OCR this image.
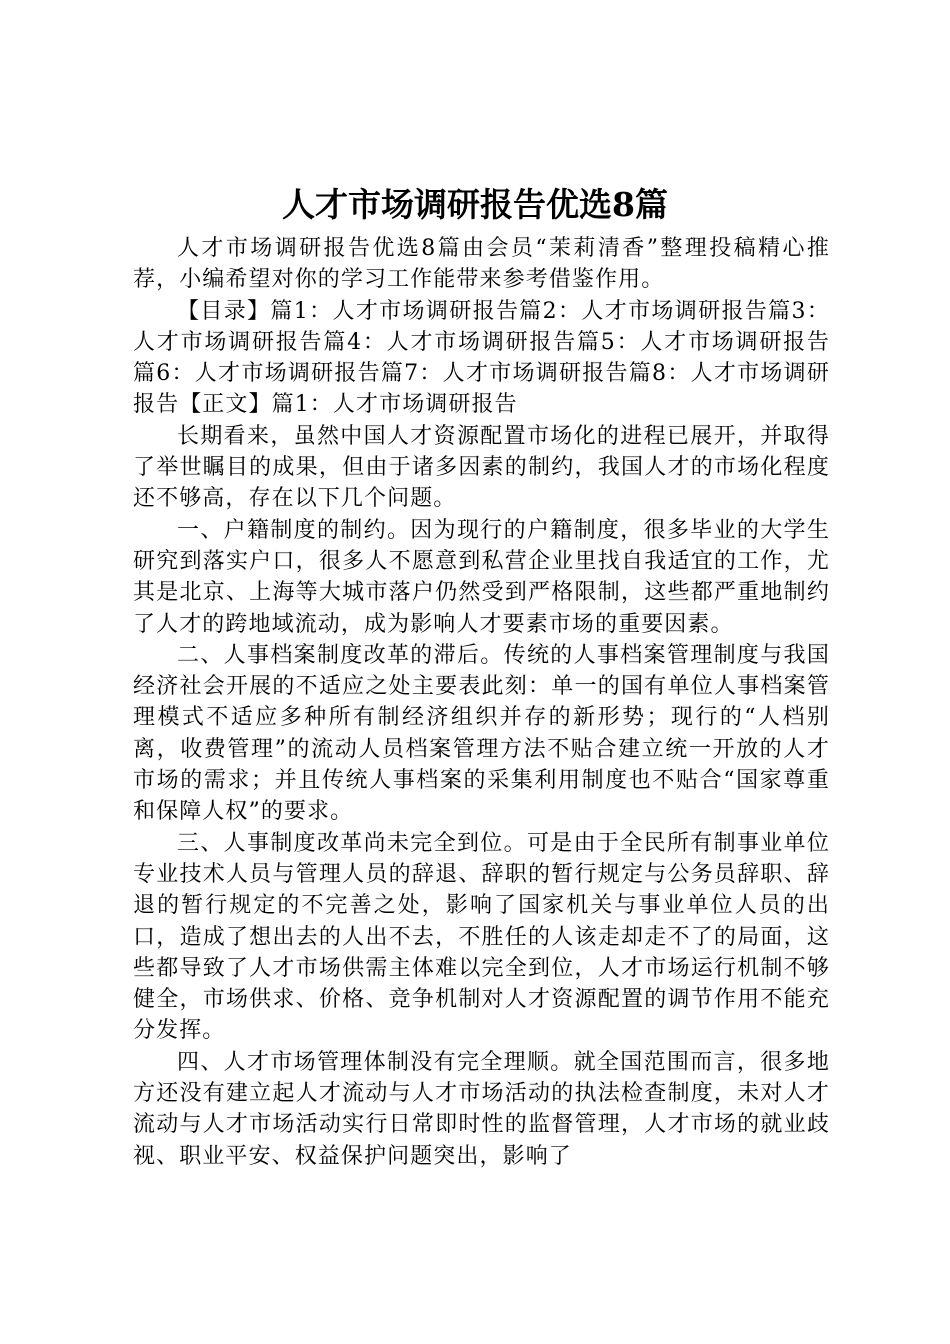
人才市场调研报告优选8篇

人才市场调研报告优选8篇由会员“茉莉清香”整理投稿精心推荐，小编希望对你的学习工作能带来参考借鉴作用。

【目录】篇1：人才市场调研报告篇2：人才市场调研报告篇3：人才市场调研报告篇4：人才市场调研报告篇5：人才市场调研报告篇6：人才市场调研报告篇7：人才市场调研报告篇8：人才市场调研报告【正文】篇1：人才市场调研报告

长期看来，虽然中国人才资源配置市场化的进程已展开，并取得了举世瞩目的成果，但由于诸多因素的制约，我国人才的市场化程度还不够高，存在以下几个问题。

一、户籍制度的制约。因为现行的户籍制度，很多毕业的大学生研究到落实户口，很多人不愿意到私营企业里找自我适宜的工作，尤其是北京、上海等大城市落户仍然受到严格限制，这些都严重地制约了人才的跨地域流动，成为影响人才要素市场的重要因素。

二、人事档案制度改革的滞后。传统的人事档案管理制度与我国经济社会开展的不适应之处主要表此刻：单一的国有单位人事档案管理模式不适应多种所有制经济组织并存的新形势；现行的“人档别离，收费管理”的流动人员档案管理方法不贴合建立统一开放的人才市场的需求；并且传统人事档案的采集利用制度也不贴合“国家尊重和保障人权”的要求。

三、人事制度改革尚未完全到位。可是由于全民所有制事业单位专业技术人员与管理人员的辞退、辞职的暂行规定与公务员辞职、辞退的暂行规定的不完善之处，影响了国家机关与事业单位人员的出口，造成了想出去的人出不去，不胜任的人该走却走不了的局面，这些都导致了人才市场供需主体难以完全到位，人才市场运行机制不够健全，市场供求、价格、竞争机制对人才资源配置的调节作用不能充分发挥。

四、人才市场管理体制没有完全理顺。就全国范围而言，很多地方还没有建立起人才流动与人才市场活动的执法检查制度，未对人才流动与人才市场活动实行日常即时性的监督管理，人才市场的就业歧视、职业平安、权益保护问题突出，影响了
